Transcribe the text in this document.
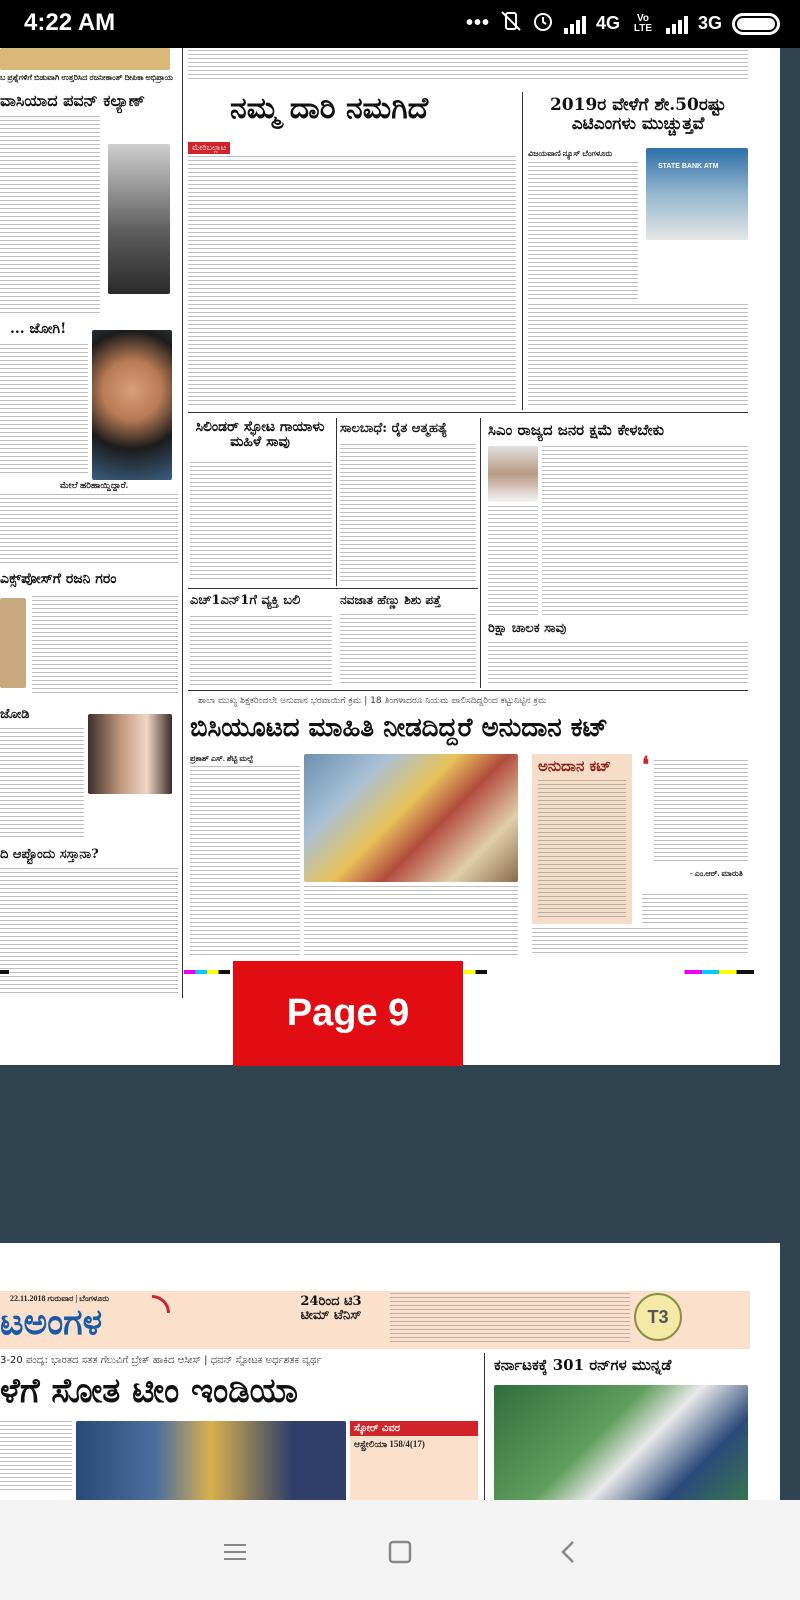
4:22 AM	•••	4G	Vo LTE	3G
ಬ ಪ್ರಶ್ನೆಗಳಿಗೆ ಬಿಡುವಾಗಿ ಉತ್ತರಿಸಿದ ರಜನೀಕಾಂತ್ ದೀಪಿಕಾ ಅಭಿಪ್ರಾಯ
ವಾಸಿಯಾದ ಪವನ್ ಕಲ್ಯಾಣ್
... ಜೋಗಿ!
ಮೇಲೆ ಹರಿಹಾಯ್ದಿದ್ದಾರೆ.
ಎಕ್ಸ್‌ಪೋಸ್‌ಗೆ ರಜನಿ ಗರಂ
ಜೋಡಿ
ದಿ ಆಪ್ಟೊಂದು ಸಸ್ತಾನಾ?
ನಮ್ಮ ದಾರಿ ನಮಗಿದೆ
ಮೇರಿಬಲ್ಲಾಟ
2019ರ ವೇಳೆಗೆ ಶೇ.50ರಷ್ಟು ಎಟಿಎಂಗಳು ಮುಚ್ಚುತ್ತವೆ
ವಿಜಯವಾಣಿ ನ್ಯೂಸ್ ಬೆಂಗಳೂರು
STATE BANK ATM
ಸಿಲಿಂಡರ್ ಸ್ಫೋಟ ಗಾಯಾಳು ಮಹಿಳೆ ಸಾವು
ಸಾಲಬಾಧೆ: ರೈತ ಆತ್ಮಹತ್ಯೆ	ಸಿಎಂ ರಾಜ್ಯದ ಜನರ ಕ್ಷಮೆ ಕೇಳಬೇಕು
ಎಚ್1ಎನ್1ಗೆ ವ್ಯಕ್ತಿ ಬಲಿ	ನವಜಾತ ಹೆಣ್ಣು ಶಿಶು ಪತ್ತೆ
ರಿಕ್ಷಾ ಚಾಲಕ ಸಾವು
ಶಾಲಾ ಮುಖ್ಯ ಶಿಕ್ಷಕರಿಂದಲೇ ಅನುದಾನ ಭರವಾಯಿಗೆ ಕ್ರಮ | 18 ತಿಂಗಳಾದರೂ ನಿಯಮ ಪಾಲಿಸದಿದ್ದರಿಂದ ಕಟ್ಟುನಿಟ್ಟಿನ ಕ್ರಮ
ಬಿಸಿಯೂಟದ ಮಾಹಿತಿ ನೀಡದಿದ್ದರೆ ಅನುದಾನ ಕಟ್
ಪ್ರಕಾಶ್ ಎಸ್. ಶೆಟ್ಟಿ ಮಲ್ಪೆ	ಅನುದಾನ ಕಟ್	❛
- ಎಂ.ಆರ್. ಮಾರುತಿ
Page 9
22.11.2018 ಗುರುವಾರ | ಬೆಂಗಳೂರು
ಟಅಂಗಳ
24ರಿಂದ ಟಿ3 ಟೀಮ್ ಟೆನಿಸ್	T3
3-20 ಪಂದ್ಯ: ಭಾರತದ ಸತತ ಗೆಲುವಿಗೆ ಬ್ರೇಕ್ ಹಾಕಿದ ಆಸೀಸ್ | ಧವನ್ ಸ್ಫೋಟಕ ಅರ್ಧಶತಕ ವ್ಯರ್ಥ
ಳೆಗೆ ಸೋತ ಟೀಂ ಇಂಡಿಯಾ
ಕರ್ನಾಟಕಕ್ಕೆ 301 ರನ್‌ಗಳ ಮುನ್ನಡೆ
ಸ್ಕೋರ್ ವಿವರ
ಆಸ್ಟ್ರೇಲಿಯಾ 158/4(17)
